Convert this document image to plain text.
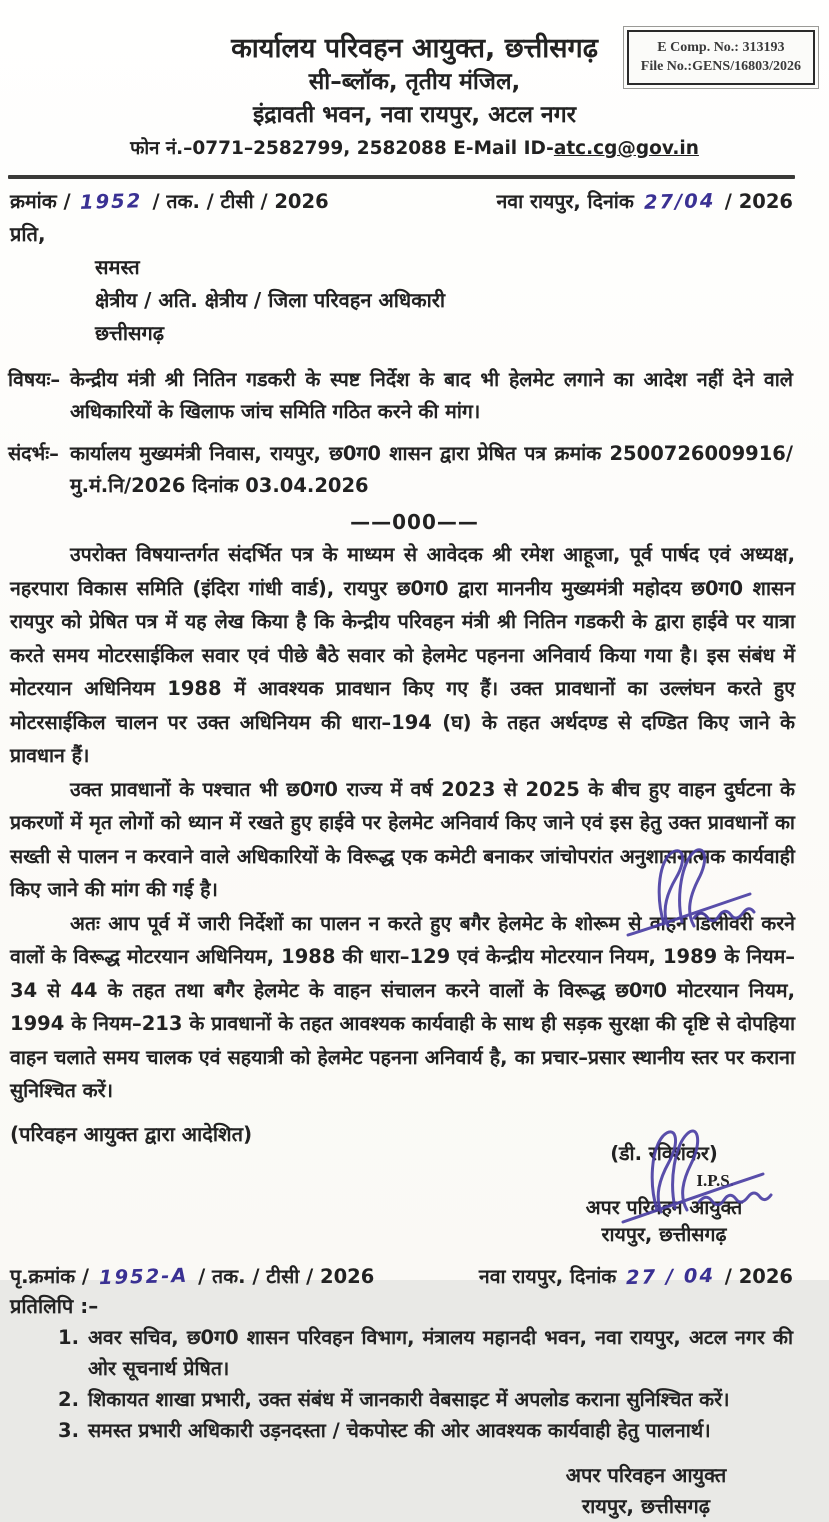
कार्यालय परिवहन आयुक्त, छत्तीसगढ़
सी–ब्लॉक, तृतीय मंजिल,
इंद्रावती भवन, नवा रायपुर, अटल नगर
फोन नं.–0771–2582799, 2582088 E-Mail ID-atc.cg@gov.in
E Comp. No.: 313193
File No.:GENS/16803/2026
क्रमांक / 1952 / तक. / टीसी / 2026	नवा रायपुर, दिनांक 27/04 / 2026
प्रति,
समस्त
क्षेत्रीय / अति. क्षेत्रीय / जिला परिवहन अधिकारी
छत्तीसगढ़
विषयः– केन्द्रीय मंत्री श्री नितिन गडकरी के स्पष्ट निर्देश के बाद भी हेलमेट लगाने का आदेश नहीं देने वाले अधिकारियों के खिलाफ जांच समिति गठित करने की मांग।
संदर्भः– कार्यालय मुख्यमंत्री निवास, रायपुर, छ0ग0 शासन द्वारा प्रेषित पत्र क्रमांक 2500726009916/ मु.मं.नि/2026 दिनांक 03.04.2026
——000——

उपरोक्त विषयान्तर्गत संदर्भित पत्र के माध्यम से आवेदक श्री रमेश आहूजा, पूर्व पार्षद एवं अध्यक्ष, नहरपारा विकास समिति (इंदिरा गांधी वार्ड), रायपुर छ0ग0 द्वारा माननीय मुख्यमंत्री महोदय छ0ग0 शासन रायपुर को प्रेषित पत्र में यह लेख किया है कि केन्द्रीय परिवहन मंत्री श्री नितिन गडकरी के द्वारा हाईवे पर यात्रा करते समय मोटरसाईकिल सवार एवं पीछे बैठे सवार को हेलमेट पहनना अनिवार्य किया गया है। इस संबंध में मोटरयान अधिनियम 1988 में आवश्यक प्रावधान किए गए हैं। उक्त प्रावधानों का उल्लंघन करते हुए मोटरसाईकिल चालन पर उक्त अधिनियम की धारा–194 (घ) के तहत अर्थदण्ड से दण्डित किए जाने के प्रावधान हैं।

उक्त प्रावधानों के पश्चात भी छ0ग0 राज्य में वर्ष 2023 से 2025 के बीच हुए वाहन दुर्घटना के प्रकरणों में मृत लोगों को ध्यान में रखते हुए हाईवे पर हेलमेट अनिवार्य किए जाने एवं इस हेतु उक्त प्रावधानों का सख्ती से पालन न करवाने वाले अधिकारियों के विरूद्ध एक कमेटी बनाकर जांचोपरांत अनुशासनात्मक कार्यवाही किए जाने की मांग की गई है।

अतः आप पूर्व में जारी निर्देशों का पालन न करते हुए बगैर हेलमेट के शोरूम से वाहन डिलीवरी करने वालों के विरूद्ध मोटरयान अधिनियम, 1988 की धारा–129 एवं केन्द्रीय मोटरयान नियम, 1989 के नियम–34 से 44 के तहत तथा बगैर हेलमेट के वाहन संचालन करने वालों के विरूद्ध छ0ग0 मोटरयान नियम, 1994 के नियम–213 के प्रावधानों के तहत आवश्यक कार्यवाही के साथ ही सड़क सुरक्षा की दृष्टि से दोपहिया वाहन चलाते समय चालक एवं सहयात्री को हेलमेट पहनना अनिवार्य है, का प्रचार–प्रसार स्थानीय स्तर पर कराना सुनिश्चित करें।

(परिवहन आयुक्त द्वारा आदेशित)
(डी. रविशंकर)
I.P.S.
अपर परिवहन आयुक्त
रायपुर, छत्तीसगढ़
पृ.क्रमांक / 1952-A / तक. / टीसी / 2026	नवा रायपुर, दिनांक 27 / 04 / 2026
प्रतिलिपि :–
1. अवर सचिव, छ0ग0 शासन परिवहन विभाग, मंत्रालय महानदी भवन, नवा रायपुर, अटल नगर की ओर सूचनार्थ प्रेषित।
2. शिकायत शाखा प्रभारी, उक्त संबंध में जानकारी वेबसाइट में अपलोड कराना सुनिश्चित करें।
3. समस्त प्रभारी अधिकारी उड़नदस्ता / चेकपोस्ट की ओर आवश्यक कार्यवाही हेतु पालनार्थ।
अपर परिवहन आयुक्त
रायपुर, छत्तीसगढ़
